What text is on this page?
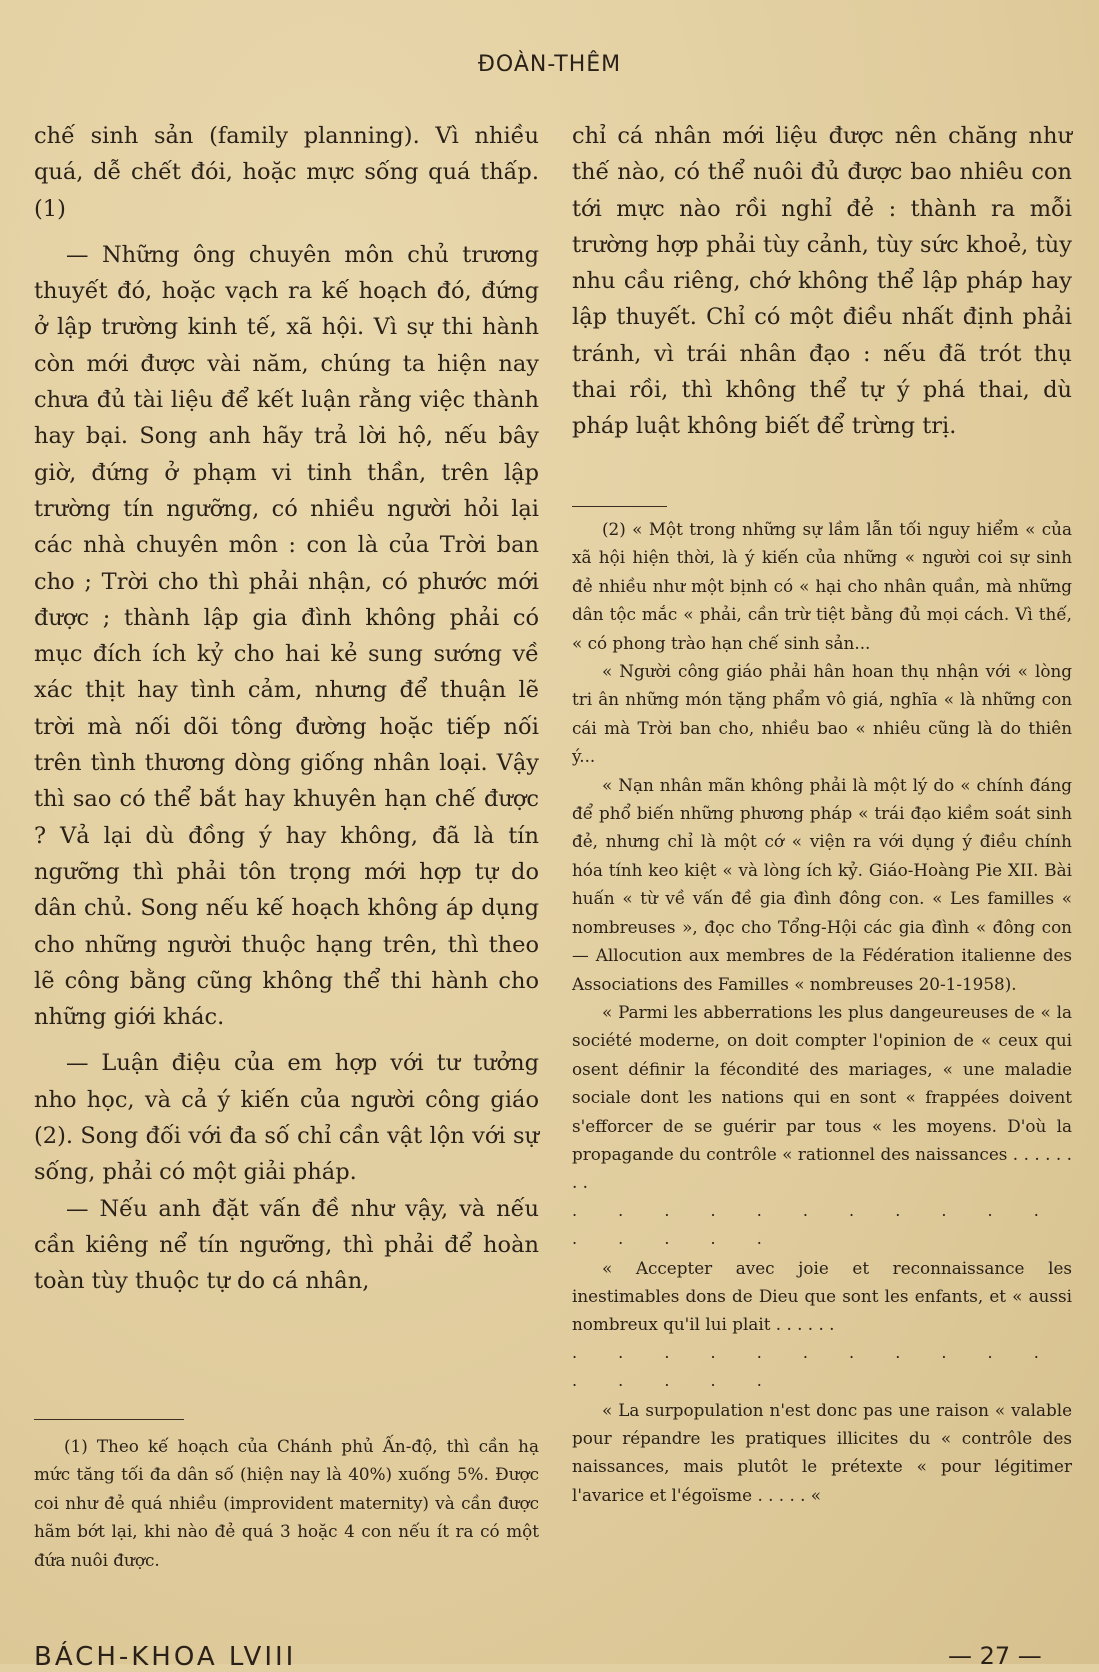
ĐOÀN-THÊM

chế sinh sản (family planning). Vì nhiều quá, dễ chết đói, hoặc mực sống quá thấp. (1)

— Những ông chuyên môn chủ trương thuyết đó, hoặc vạch ra kế hoạch đó, đứng ở lập trường kinh tế, xã hội. Vì sự thi hành còn mới được vài năm, chúng ta hiện nay chưa đủ tài liệu để kết luận rằng việc thành hay bại. Song anh hãy trả lời hộ, nếu bây giờ, đứng ở phạm vi tinh thần, trên lập trường tín ngưỡng, có nhiều người hỏi lại các nhà chuyên môn : con là của Trời ban cho ; Trời cho thì phải nhận, có phước mới được ; thành lập gia đình không phải có mục đích ích kỷ cho hai kẻ sung sướng về xác thịt hay tình cảm, nhưng để thuận lẽ trời mà nối dõi tông đường hoặc tiếp nối trên tình thương dòng giống nhân loại. Vậy thì sao có thể bắt hay khuyên hạn chế được ? Vả lại dù đồng ý hay không, đã là tín ngưỡng thì phải tôn trọng mới hợp tự do dân chủ. Song nếu kế hoạch không áp dụng cho những người thuộc hạng trên, thì theo lẽ công bằng cũng không thể thi hành cho những giới khác.

— Luận điệu của em hợp với tư tưởng nho học, và cả ý kiến của người công giáo (2). Song đối với đa số chỉ cần vật lộn với sự sống, phải có một giải pháp.

— Nếu anh đặt vấn đề như vậy, và nếu cần kiêng nể tín ngưỡng, thì phải để hoàn toàn tùy thuộc tự do cá nhân,

(1) Theo kế hoạch của Chánh phủ Ấn-độ, thì cần hạ mức tăng tối đa dân số (hiện nay là 40%) xuống 5%. Được coi như đẻ quá nhiều (improvident maternity) và cần được hãm bớt lại, khi nào đẻ quá 3 hoặc 4 con nếu ít ra có một đứa nuôi được.

chỉ cá nhân mới liệu được nên chăng như thế nào, có thể nuôi đủ được bao nhiêu con tới mực nào rồi nghỉ đẻ : thành ra mỗi trường hợp phải tùy cảnh, tùy sức khoẻ, tùy nhu cầu riêng, chớ không thể lập pháp hay lập thuyết. Chỉ có một điều nhất định phải tránh, vì trái nhân đạo : nếu đã trót thụ thai rồi, thì không thể tự ý phá thai, dù pháp luật không biết để trừng trị.

(2) « Một trong những sự lầm lẫn tối nguy hiểm « của xã hội hiện thời, là ý kiến của những « người coi sự sinh đẻ nhiều như một bịnh có « hại cho nhân quần, mà những dân tộc mắc « phải, cần trừ tiệt bằng đủ mọi cách. Vì thế, « có phong trào hạn chế sinh sản...

« Người công giáo phải hân hoan thụ nhận với « lòng tri ân những món tặng phẩm vô giá, nghĩa « là những con cái mà Trời ban cho, nhiều bao « nhiêu cũng là do thiên ý...

« Nạn nhân mãn không phải là một lý do « chính đáng để phổ biến những phương pháp « trái đạo kiềm soát sinh đẻ, nhưng chỉ là một cớ « viện ra với dụng ý điều chính hóa tính keo kiệt « và lòng ích kỷ. Giáo-Hoàng Pie XII. Bài huấn « từ về vấn đề gia đình đông con. « Les familles « nombreuses », đọc cho Tổng-Hội các gia đình « đông con — Allocution aux membres de la Fédération italienne des Associations des Familles « nombreuses 20-1-1958).

« Parmi les abberrations les plus dangeureuses de « la société moderne, on doit compter l'opinion de « ceux qui osent définir la fécondité des mariages, « une maladie sociale dont les nations qui en sont « frappées doivent s'efforcer de se guérir par tous « les moyens. D'où la propagande du contrôle « rationnel des naissances . . . . . . . .

. . . . . . . . . . . . . . . .

« Accepter avec joie et reconnaissance les inestimables dons de Dieu que sont les enfants, et « aussi nombreux qu'il lui plait . . . . . .

. . . . . . . . . . . . . . . .

« La surpopulation n'est donc pas une raison « valable pour répandre les pratiques illicites du « contrôle des naissances, mais plutôt le prétexte « pour légitimer l'avarice et l'égoïsme . . . . . «

BÁCH-KHOA LVIII	— 27 —
